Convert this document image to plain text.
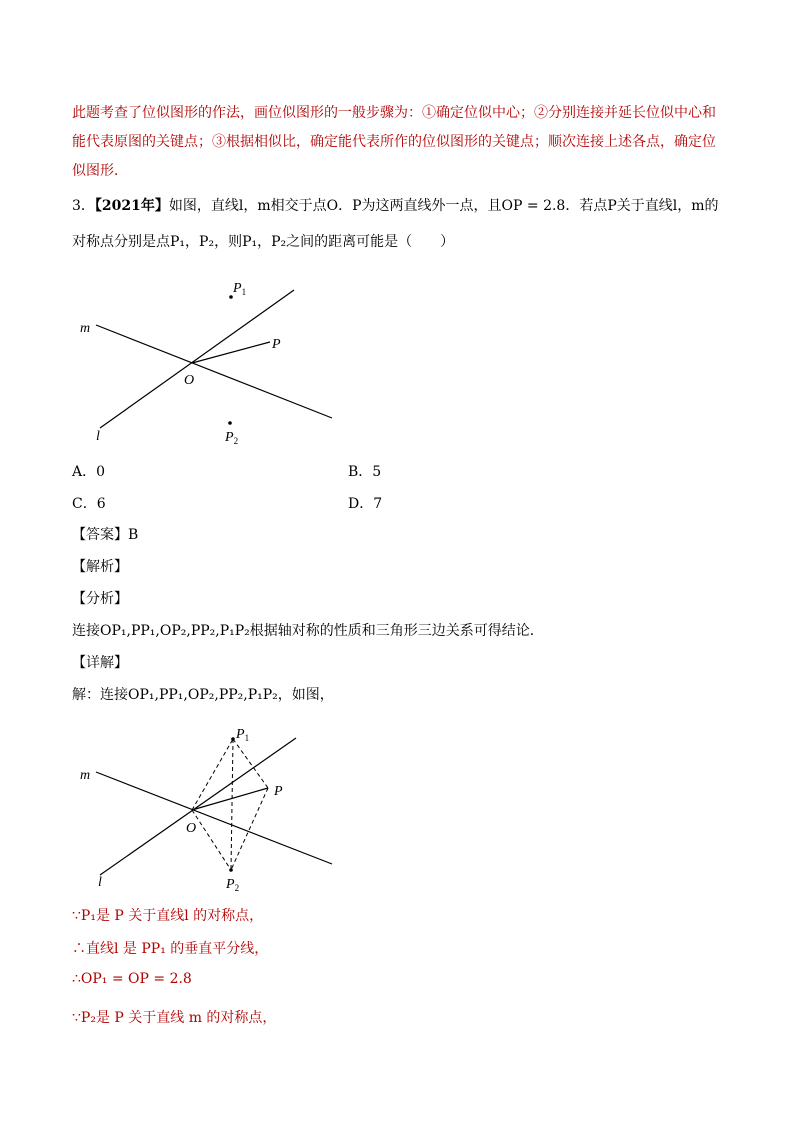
此题考查了位似图形的作法，画位似图形的一般步骤为：①确定位似中心；②分别连接并延长位似中心和
能代表原图的关键点；③根据相似比，确定能代表所作的位似图形的关键点；顺次连接上述各点，确定位
似图形．
3．【2021年】如图，直线l，m相交于点O．P为这两直线外一点，且OP = 2.8．若点P关于直线l，m的
对称点分别是点P₁，P₂，则P₁，P₂之间的距离可能是（　　）
$P_1$
P
m
O
l	$P_2$
A．0	B．5
C．6	D．7
【答案】B
【解析】
【分析】
连接OP₁,PP₁,OP₂,PP₂,P₁P₂根据轴对称的性质和三角形三边关系可得结论．
【详解】
解：连接OP₁,PP₁,OP₂,PP₂,P₁P₂，如图，
$P_1$
P
m
O
l	$P_2$
∵P₁是 P 关于直线l 的对称点，
∴直线l 是 PP₁ 的垂直平分线，
∴OP₁ = OP = 2.8
∵P₂是 P 关于直线 m 的对称点，
